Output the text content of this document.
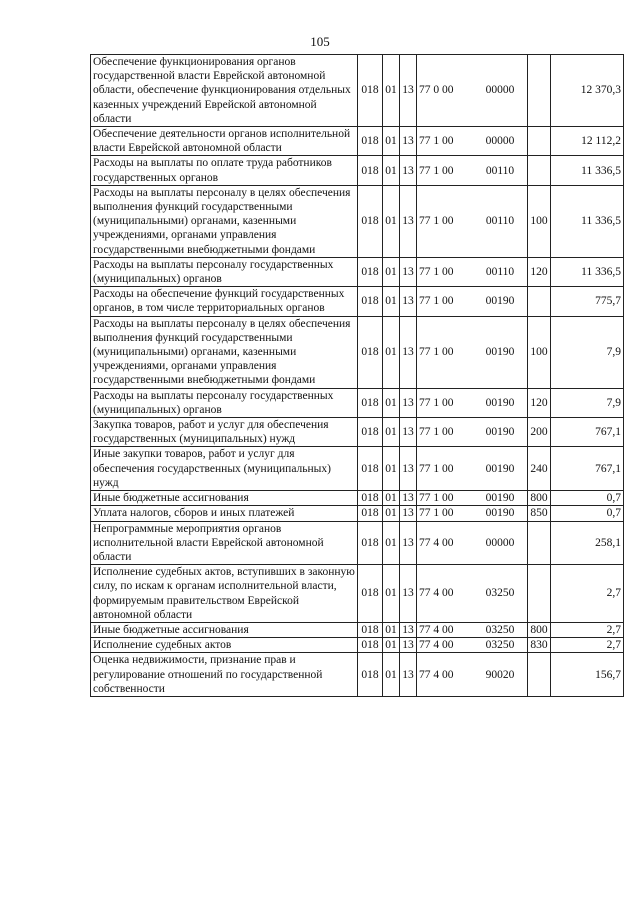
105
Обеспечение функционирования органов государственной власти Еврейской автономной области, обеспечение функционирования отдельных казенных учреждений Еврейской автономной области	018	01	13	77 0 00	00000		12 370,3
Обеспечение деятельности органов исполнительной власти Еврейской автономной области	018	01	13	77 1 00	00000		12 112,2
Расходы на выплаты по оплате труда работников государственных органов	018	01	13	77 1 00	00110		11 336,5
Расходы на выплаты персоналу в целях обеспечения выполнения функций государственными (муниципальными) органами, казенными учреждениями, органами управления государственными внебюджетными фондами	018	01	13	77 1 00	00110	100	11 336,5
Расходы на выплаты персоналу государственных (муниципальных) органов	018	01	13	77 1 00	00110	120	11 336,5
Расходы на обеспечение функций государственных органов, в том числе территориальных органов	018	01	13	77 1 00	00190		775,7
Расходы на выплаты персоналу в целях обеспечения выполнения функций государственными (муниципальными) органами, казенными учреждениями, органами управления государственными внебюджетными фондами	018	01	13	77 1 00	00190	100	7,9
Расходы на выплаты персоналу государственных (муниципальных) органов	018	01	13	77 1 00	00190	120	7,9
Закупка товаров, работ и услуг для обеспечения государственных (муниципальных) нужд	018	01	13	77 1 00	00190	200	767,1
Иные закупки товаров, работ и услуг для обеспечения государственных (муниципальных) нужд	018	01	13	77 1 00	00190	240	767,1
Иные бюджетные ассигнования	018	01	13	77 1 00	00190	800	0,7
Уплата налогов, сборов и иных платежей	018	01	13	77 1 00	00190	850	0,7
Непрограммные мероприятия органов исполнительной власти Еврейской автономной области	018	01	13	77 4 00	00000		258,1
Исполнение судебных актов, вступивших в законную силу, по искам к органам исполнительной власти, формируемым правительством Еврейской автономной области	018	01	13	77 4 00	03250		2,7
Иные бюджетные ассигнования	018	01	13	77 4 00	03250	800	2,7
Исполнение судебных актов	018	01	13	77 4 00	03250	830	2,7
Оценка недвижимости, признание прав и регулирование отношений по государственной собственности	018	01	13	77 4 00	90020		156,7
